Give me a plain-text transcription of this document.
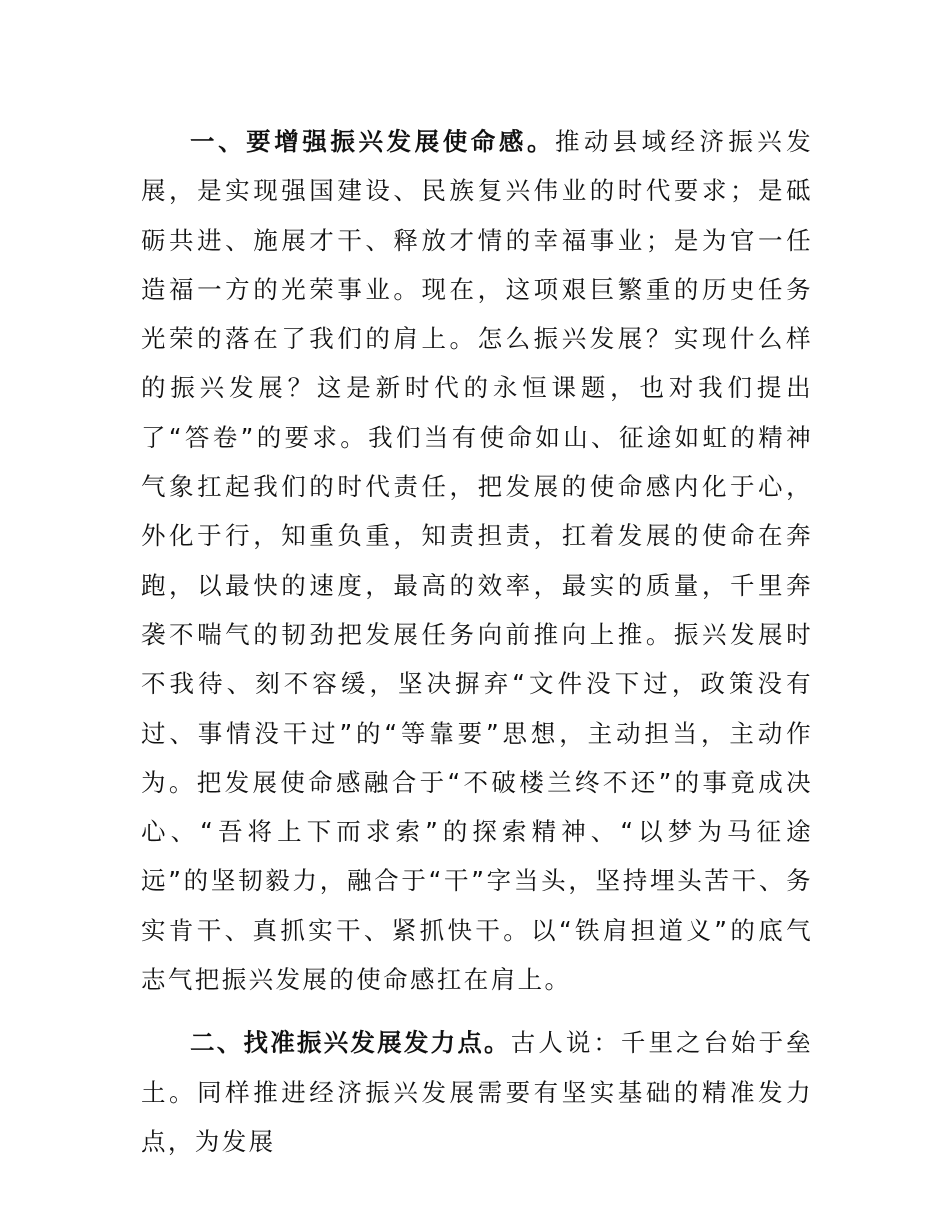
一、要增强振兴发展使命感。推动县域经济振兴发展，是实现强国建设、民族复兴伟业的时代要求；是砥砺共进、施展才干、释放才情的幸福事业；是为官一任造福一方的光荣事业。现在，这项艰巨繁重的历史任务光荣的落在了我们的肩上。怎么振兴发展？实现什么样的振兴发展？这是新时代的永恒课题，也对我们提出了“答卷”的要求。我们当有使命如山、征途如虹的精神气象扛起我们的时代责任，把发展的使命感内化于心，外化于行，知重负重，知责担责，扛着发展的使命在奔跑，以最快的速度，最高的效率，最实的质量，千里奔袭不喘气的韧劲把发展任务向前推向上推。振兴发展时不我待、刻不容缓，坚决摒弃“文件没下过，政策没有过、事情没干过”的“等靠要”思想，主动担当，主动作为。把发展使命感融合于“不破楼兰终不还”的事竟成决心、“吾将上下而求索”的探索精神、“以梦为马征途远”的坚韧毅力，融合于“干”字当头，坚持埋头苦干、务实肯干、真抓实干、紧抓快干。以“铁肩担道义”的底气志气把振兴发展的使命感扛在肩上。

二、找准振兴发展发力点。古人说：千里之台始于垒土。同样推进经济振兴发展需要有坚实基础的精准发力点，为发展
